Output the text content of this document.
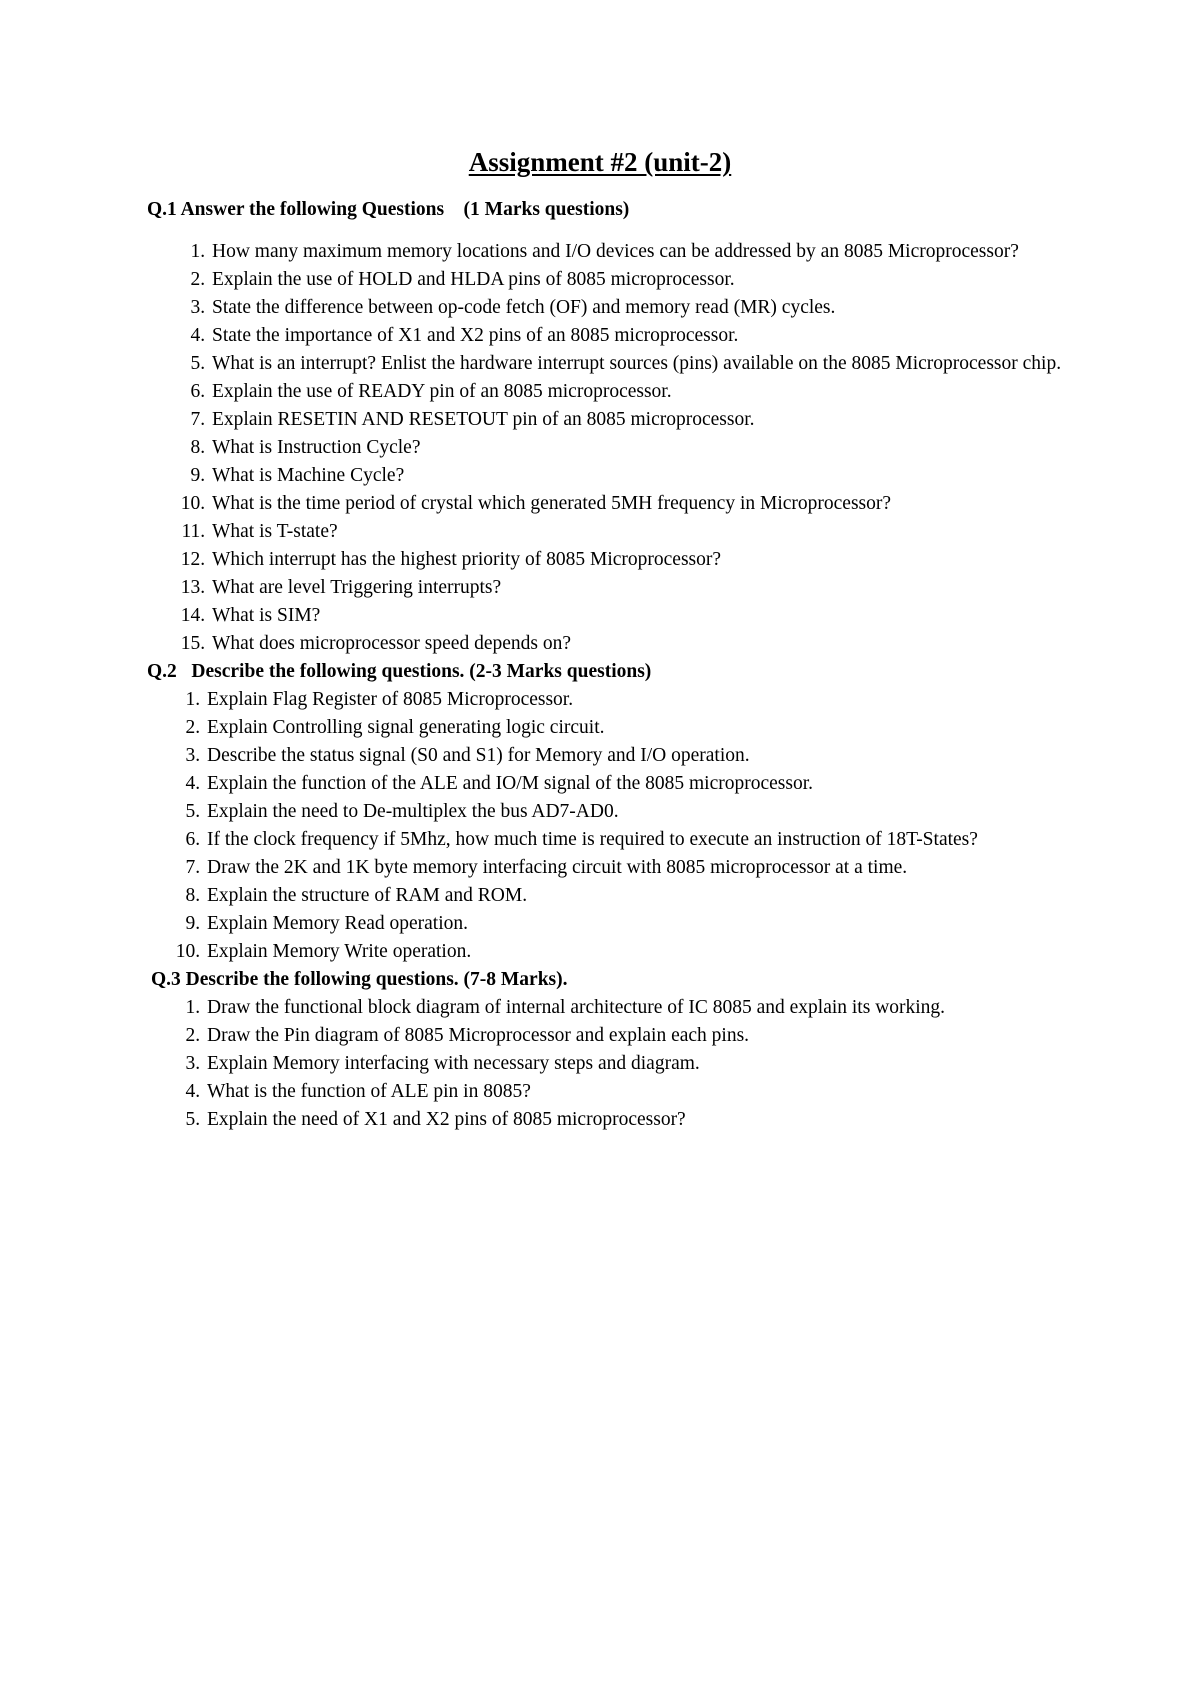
Assignment #2 (unit-2)

Q.1 Answer the following Questions    (1 Marks questions)

1. How many maximum memory locations and I/O devices can be addressed by an 8085 Microprocessor?
2. Explain the use of HOLD and HLDA pins of 8085 microprocessor.
3. State the difference between op-code fetch (OF) and memory read (MR) cycles.
4. State the importance of X1 and X2 pins of an 8085 microprocessor.
5. What is an interrupt? Enlist the hardware interrupt sources (pins) available on the 8085 Microprocessor chip.
6. Explain the use of READY pin of an 8085 microprocessor.
7. Explain RESETIN AND RESETOUT pin of an 8085 microprocessor.
8. What is Instruction Cycle?
9. What is Machine Cycle?
10. What is the time period of crystal which generated 5MH frequency in Microprocessor?
11. What is T-state?
12. Which interrupt has the highest priority of 8085 Microprocessor?
13. What are level Triggering interrupts?
14. What is SIM?
15. What does microprocessor speed depends on?

Q.2   Describe the following questions. (2-3 Marks questions)

1. Explain Flag Register of 8085 Microprocessor.
2. Explain Controlling signal generating logic circuit.
3. Describe the status signal (S0 and S1) for Memory and I/O operation.
4. Explain the function of the ALE and IO/M signal of the 8085 microprocessor.
5. Explain the need to De-multiplex the bus AD7-AD0.
6. If the clock frequency if 5Mhz, how much time is required to execute an instruction of 18T-States?
7. Draw the 2K and 1K byte memory interfacing circuit with 8085 microprocessor at a time.
8. Explain the structure of RAM and ROM.
9. Explain Memory Read operation.
10. Explain Memory Write operation.

Q.3 Describe the following questions. (7-8 Marks).

1. Draw the functional block diagram of internal architecture of IC 8085 and explain its working.
2. Draw the Pin diagram of 8085 Microprocessor and explain each pins.
3. Explain Memory interfacing with necessary steps and diagram.
4. What is the function of ALE pin in 8085?
5. Explain the need of X1 and X2 pins of 8085 microprocessor?
